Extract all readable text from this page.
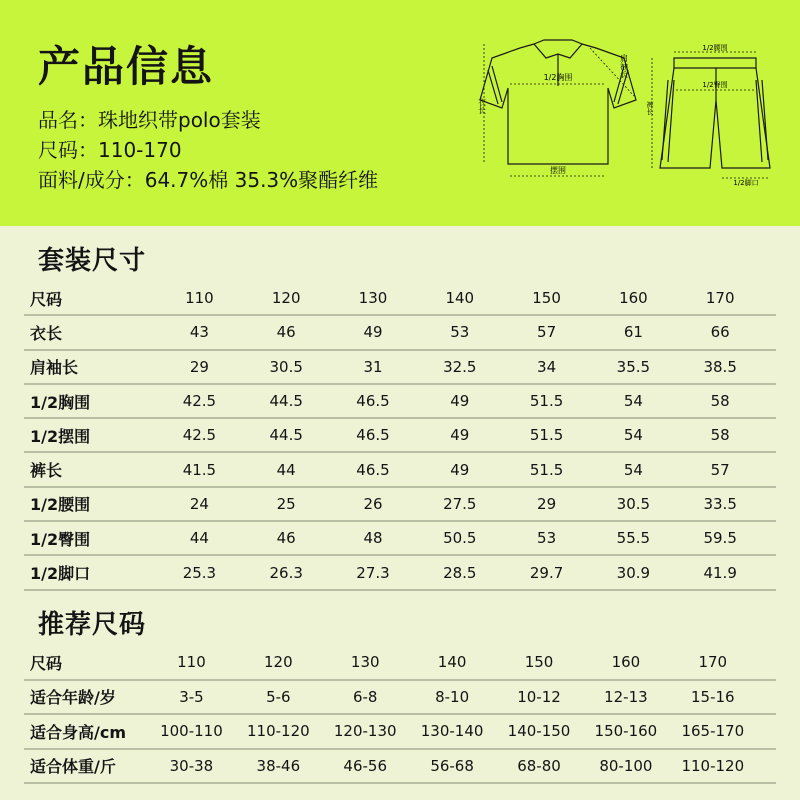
产品信息
品名：珠地织带polo套装
尺码：110-170
面料/成分：64.7%棉 35.3%聚酯纤维
1/2胸围
衣长
摆围
肩袖长
1/2腰围
1/2臀围
裤长
1/2脚口
套装尺寸
尺码	110	120	130	140	150	160	170
衣长	43	46	49	53	57	61	66
肩袖长	29	30.5	31	32.5	34	35.5	38.5
1/2胸围	42.5	44.5	46.5	49	51.5	54	58
1/2摆围	42.5	44.5	46.5	49	51.5	54	58
裤长	41.5	44	46.5	49	51.5	54	57
1/2腰围	24	25	26	27.5	29	30.5	33.5
1/2臀围	44	46	48	50.5	53	55.5	59.5
1/2脚口	25.3	26.3	27.3	28.5	29.7	30.9	41.9
推荐尺码
尺码	110	120	130	140	150	160	170
适合年龄/岁	3-5	5-6	6-8	8-10	10-12	12-13	15-16
适合身高/cm	100-110	110-120	120-130	130-140	140-150	150-160	165-170
适合体重/斤	30-38	38-46	46-56	56-68	68-80	80-100	110-120
